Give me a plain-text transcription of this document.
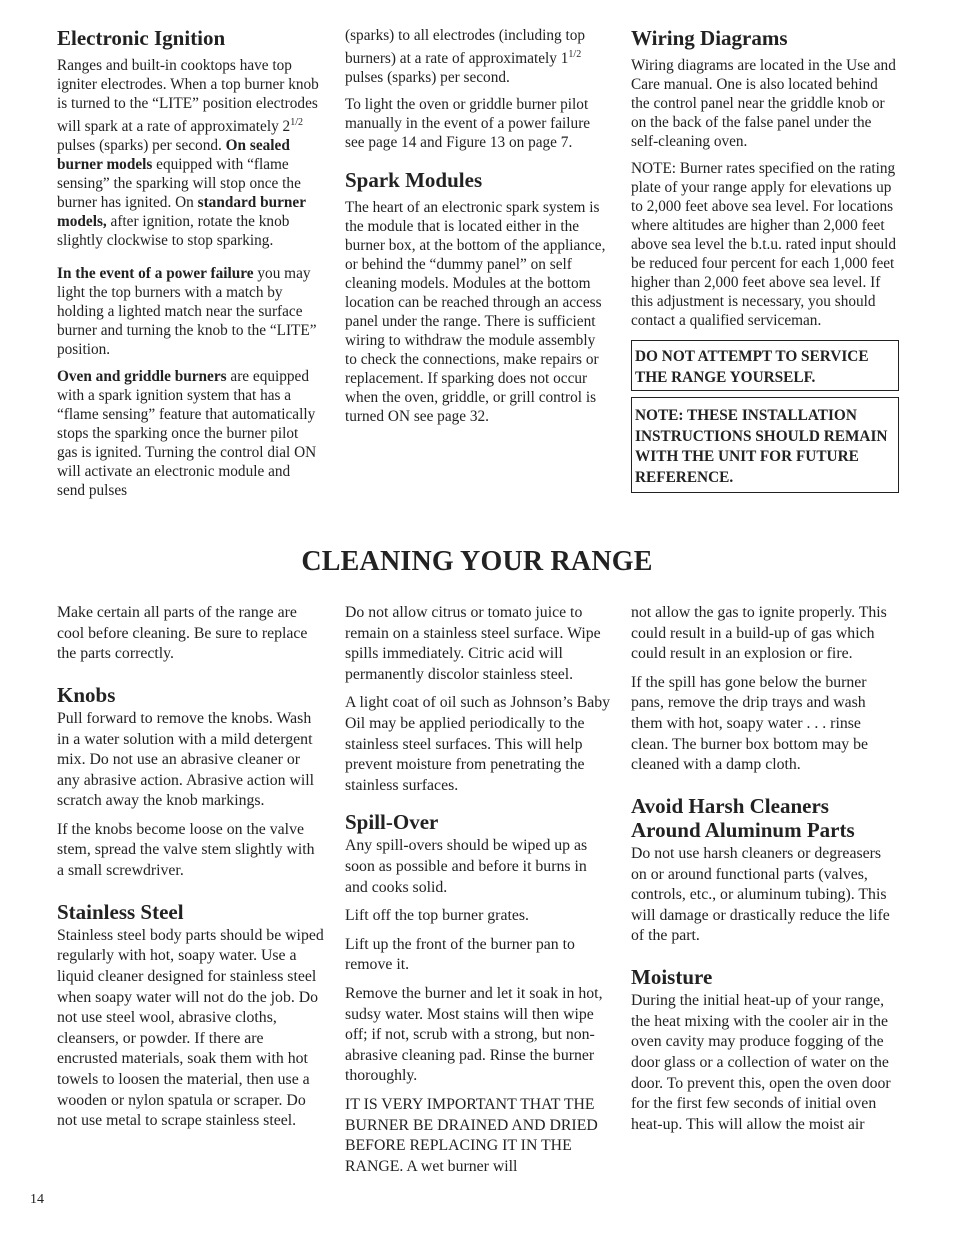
Electronic Ignition

Ranges and built-in cooktops have top igniter electrodes. When a top burner knob is turned to the “LITE” position electrodes will spark at a rate of approximately $2^{1/2}$ pulses (sparks) per second. On sealed burner models equipped with “flame sensing” the sparking will stop once the burner has ignited. On standard burner models, after ignition, rotate the knob slightly clockwise to stop sparking.

In the event of a power failure you may light the top burners with a match by holding a lighted match near the surface burner and turning the knob to the “LITE” position.

Oven and griddle burners are equipped with a spark ignition system that has a “flame sensing” feature that automatically stops the sparking once the burner pilot gas is ignited. Turning the control dial ON will activate an electronic module and send pulses

(sparks) to all electrodes (including top burners) at a rate of approximately $1^{1/2}$ pulses (sparks) per second.

To light the oven or griddle burner pilot manually in the event of a power failure see page 14 and Figure 13 on page 7.

Spark Modules

The heart of an electronic spark system is the module that is located either in the burner box, at the bottom of the appliance, or behind the “dummy panel” on self cleaning models. Modules at the bottom location can be reached through an access panel under the range. There is sufficient wiring to withdraw the module assembly to check the connections, make repairs or replacement. If sparking does not occur when the oven, griddle, or grill control is turned ON see page 32.

Wiring Diagrams

Wiring diagrams are located in the Use and Care manual. One is also located behind the control panel near the griddle knob or on the back of the false panel under the self-cleaning oven.

NOTE: Burner rates specified on the rating plate of your range apply for elevations up to 2,000 feet above sea level. For locations where altitudes are higher than 2,000 feet above sea level the b.t.u. rated input should be reduced four percent for each 1,000 feet higher than 2,000 feet above sea level. If this adjustment is necessary, you should contact a qualified serviceman.

DO NOT ATTEMPT TO SERVICE THE RANGE YOURSELF.
NOTE: THESE INSTALLATION INSTRUCTIONS SHOULD REMAIN WITH THE UNIT FOR FUTURE REFERENCE.
CLEANING YOUR RANGE

Make certain all parts of the range are cool before cleaning. Be sure to replace the parts correctly.

Knobs

Pull forward to remove the knobs. Wash in a water solution with a mild detergent mix. Do not use an abrasive cleaner or any abrasive action. Abrasive action will scratch away the knob markings.

If the knobs become loose on the valve stem, spread the valve stem slightly with a small screwdriver.

Stainless Steel

Stainless steel body parts should be wiped regularly with hot, soapy water. Use a liquid cleaner designed for stainless steel when soapy water will not do the job. Do not use steel wool, abrasive cloths, cleansers, or powder. If there are encrusted materials, soak them with hot towels to loosen the material, then use a wooden or nylon spatula or scraper. Do not use metal to scrape stainless steel.

Do not allow citrus or tomato juice to remain on a stainless steel surface. Wipe spills immediately. Citric acid will permanently discolor stainless steel.

A light coat of oil such as Johnson’s Baby Oil may be applied periodically to the stainless steel surfaces. This will help prevent moisture from penetrating the stainless surfaces.

Spill-Over

Any spill-overs should be wiped up as soon as possible and before it burns in and cooks solid.

Lift off the top burner grates.

Lift up the front of the burner pan to remove it.

Remove the burner and let it soak in hot, sudsy water. Most stains will then wipe off; if not, scrub with a strong, but non-abrasive cleaning pad. Rinse the burner thoroughly.

IT IS VERY IMPORTANT THAT THE BURNER BE DRAINED AND DRIED BEFORE REPLACING IT IN THE RANGE. A wet burner will

not allow the gas to ignite properly. This could result in a build-up of gas which could result in an explosion or fire.

If the spill has gone below the burner pans, remove the drip trays and wash them with hot, soapy water . . . rinse clean. The burner box bottom may be cleaned with a damp cloth.

Avoid Harsh Cleaners Around Aluminum Parts

Do not use harsh cleaners or degreasers on or around functional parts (valves, controls, etc., or aluminum tubing). This will damage or drastically reduce the life of the part.

Moisture

During the initial heat-up of your range, the heat mixing with the cooler air in the oven cavity may produce fogging of the door glass or a collection of water on the door. To prevent this, open the oven door for the first few seconds of initial oven heat-up. This will allow the moist air

14
